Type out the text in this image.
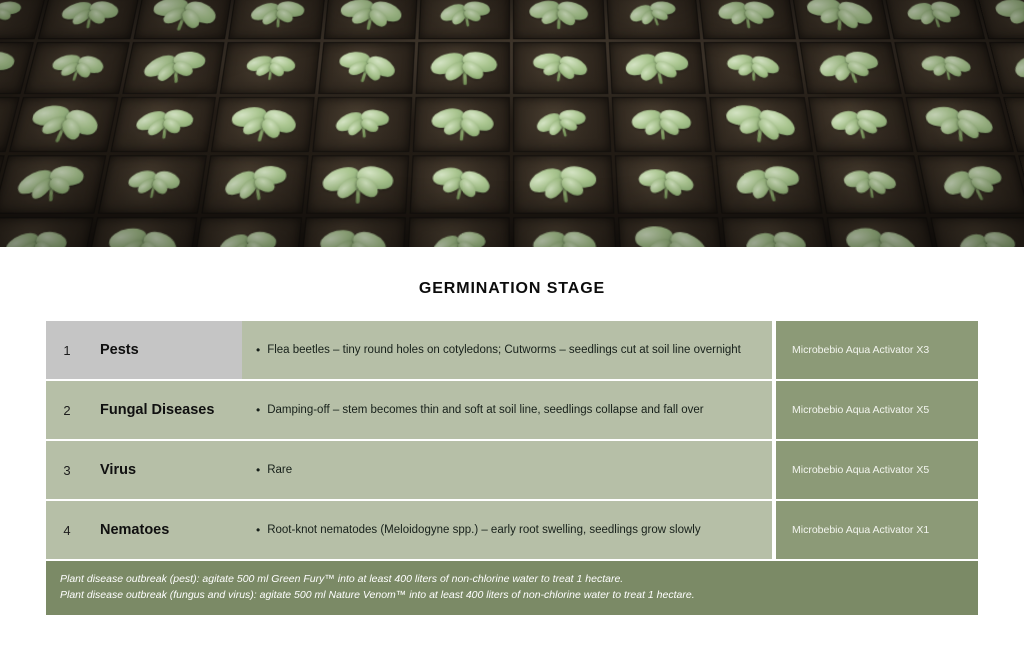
GERMINATION STAGE
1	Pests	• Flea beetles – tiny round holes on cotyledons; Cutworms – seedlings cut at soil line overnight	Microbebio Aqua Activator X3
2	Fungal Diseases	• Damping-off – stem becomes thin and soft at soil line, seedlings collapse and fall over	Microbebio Aqua Activator X5
3	Virus	• Rare	Microbebio Aqua Activator X5
4	Nematoes	• Root-knot nematodes (Meloidogyne spp.) – early root swelling, seedlings grow slowly	Microbebio Aqua Activator X1
Plant disease outbreak (pest): agitate 500 ml Green Fury™ into at least 400 liters of non-chlorine water to treat 1 hectare.
Plant disease outbreak (fungus and virus): agitate 500 ml Nature Venom™ into at least 400 liters of non-chlorine water to treat 1 hectare.
